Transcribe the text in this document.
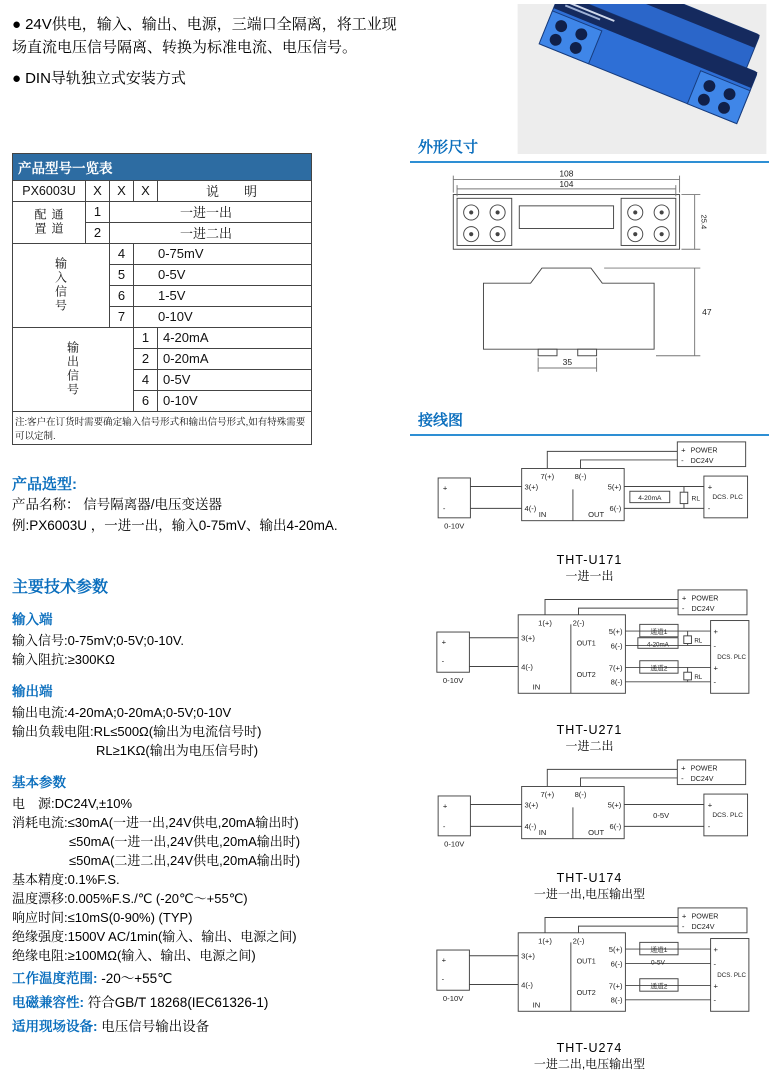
● 24V供电，输入、输出、电源，三端口全隔离，将工业现场直流电压信号隔离、转换为标准电流、电压信号。

● DIN导轨独立式安装方式

产品型号一览表				
PX6003U	X	X	X	说　明
通道配置	1	一进一出		
	2	一进二出		
输入信号		4	0-75mV	
		5	0-5V	
		6	1-5V	
		7	0-10V	
输出信号			1	4-20mA
			2	0-20mA
			4	0-5V
			6	0-10V
注:客户在订货时需要确定输入信号形式和输出信号形式,如有特殊需要可以定制.				
产品选型:

产品名称： 信号隔离器/电压变送器

例:PX6003U ，一进一出，输入0-75mV、输出4-20mA.

主要技术参数
输入端

输入信号:0-75mV;0-5V;0-10V.

输入阻抗:≥300KΩ

输出端

输出电流:4-20mA;0-20mA;0-5V;0-10V

输出负载电阻:RL≤500Ω(输出为电流信号时)

RL≥1KΩ(输出为电压信号时)

基本参数

电　源:DC24V,±10%

消耗电流:≤30mA(一进一出,24V供电,20mA输出时)

≤50mA(一进一出,24V供电,20mA输出时)

≤50mA(二进二出,24V供电,20mA输出时)

基本精度:0.1%F.S.

温度漂移:0.005%F.S./℃ (-20℃～+55℃)

响应时间:≤10mS(0-90%) (TYP)

绝缘强度:1500V AC/1min(输入、输出、电源之间)

绝缘电阻:≥100MΩ(输入、输出、电源之间)

工作温度范围: -20～+55℃

电磁兼容性: 符合GB/T 18268(IEC61326-1)

适用现场设备: 电压信号输出设备

外形尺寸
108
104
25.4
47
35
接线图
+
-
0-10V
7(+)	8(-)
3(+)
4(-)
IN	OUT
5(+)
6(-)
+
-
POWER
DC24V
4-20mA	RL
+
-
DCS. PLC

THT-U171

一进一出

+
-
0-10V
1(+)	2(-)
3(+)
4(-)
IN
OUT1
5(+)
6(-)
OUT2
7(+)
8(-)
+
-
POWER
DC24V
通道1
4-20mA
RL
通道2
RL
+
-
+
-
DCS. PLC

THT-U271

一进二出

+
-
0-10V
7(+)	8(-)
3(+)
4(-)
IN	OUT
5(+)
6(-)
+
-
POWER
DC24V
0-5V
+
-
DCS. PLC

THT-U174

一进一出,电压输出型

+
-
0-10V
1(+)	2(-)
3(+)
4(-)
IN
OUT1
5(+)
6(-)
OUT2
7(+)
8(-)
+
-
POWER
DC24V
通道1
0-5V
通道2
+
-
+
-
DCS. PLC

THT-U274

一进二出,电压输出型
